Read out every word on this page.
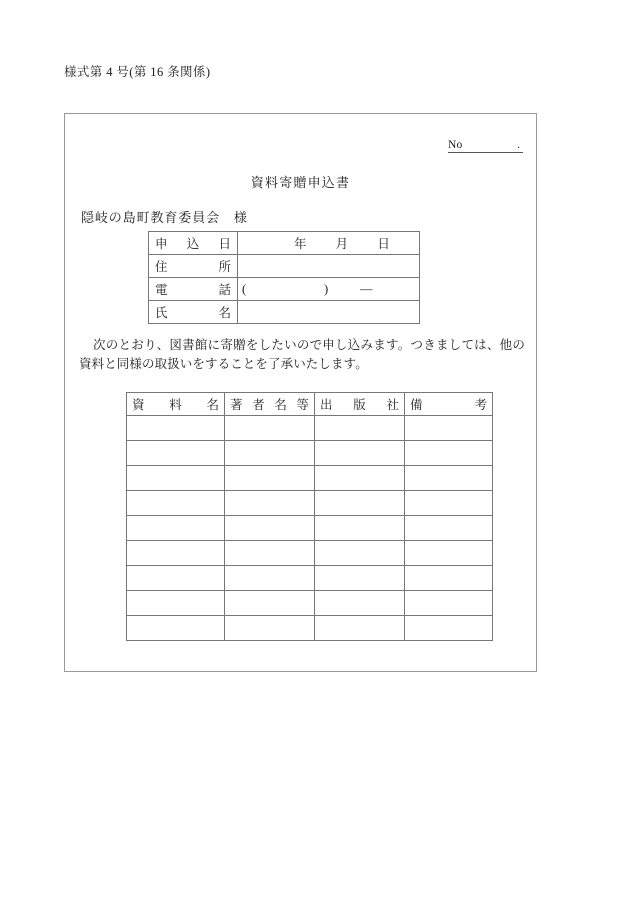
様式第 4 号(第 16 条関係)
No	.
資料寄贈申込書
隠岐の島町教育委員会　様
申 込 日	年 月 日

住　　所	
電　　話	( ) —

氏　　名	
次のとおり、図書館に寄贈をしたいので申し込みます。つきましては、他の資料と同様の取扱いをすることを了承いたします。
資 料 名	著 者 名 等	出 版 社	備　　考
